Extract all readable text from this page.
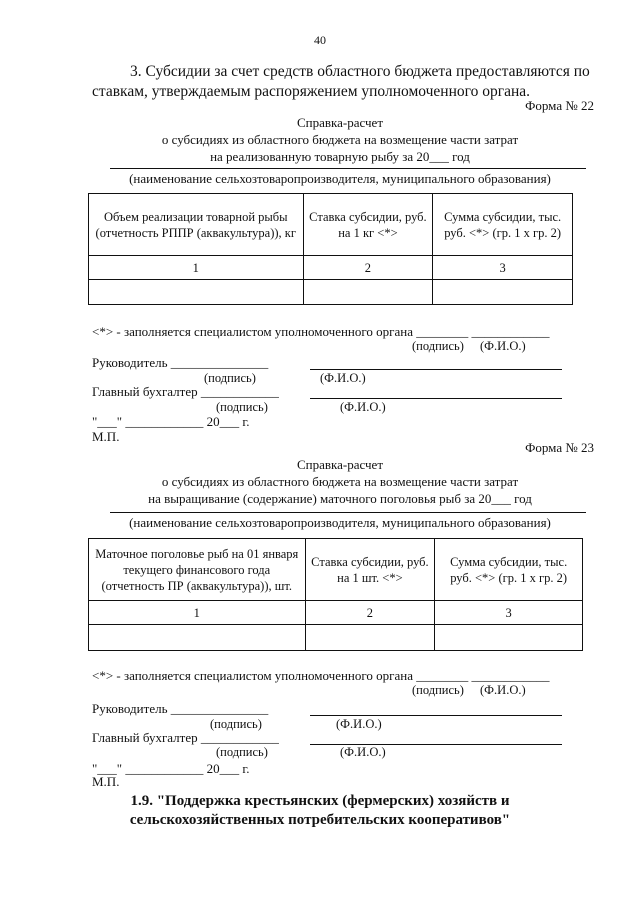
40
3. Субсидии за счет средств областного бюджета предоставляются по
ставкам, утверждаемым распоряжением уполномоченного органа.
Форма № 22
Справка-расчет
о субсидиях из областного бюджета на возмещение части затрат
на реализованную товарную рыбу за 20___ год
(наименование сельхозтоваропроизводителя, муниципального образования)
Объем реализации товарной рыбы (отчетность РППР (аквакультура)), кг	Ставка субсидии, руб. на 1 кг <*>	Сумма субсидии, тыс. руб. <*> (гр. 1 х гр. 2)
1	2	3

<*> - заполняется специалистом уполномоченного органа ________ ____________
(подпись) (Ф.И.О.)
Руководитель _______________
(подпись)	(Ф.И.О.)
Главный бухгалтер ____________
(подпись)	(Ф.И.О.)
"___" ____________ 20___ г.
М.П.
Форма № 23
Справка-расчет
о субсидиях из областного бюджета на возмещение части затрат
на выращивание (содержание) маточного поголовья рыб за 20___ год
(наименование сельхозтоваропроизводителя, муниципального образования)
Маточное поголовье рыб на 01 января текущего финансового года (отчетность ПР (аквакультура)), шт.	Ставка субсидии, руб. на 1 шт. <*>	Сумма субсидии, тыс. руб. <*> (гр. 1 х гр. 2)
1	2	3

<*> - заполняется специалистом уполномоченного органа ________ ____________
(подпись) (Ф.И.О.)
Руководитель _______________
(подпись)	(Ф.И.О.)
Главный бухгалтер ____________
(подпись)	(Ф.И.О.)
"___" ____________ 20___ г.
М.П.
1.9. "Поддержка крестьянских (фермерских) хозяйств и
сельскохозяйственных потребительских кооперативов"
